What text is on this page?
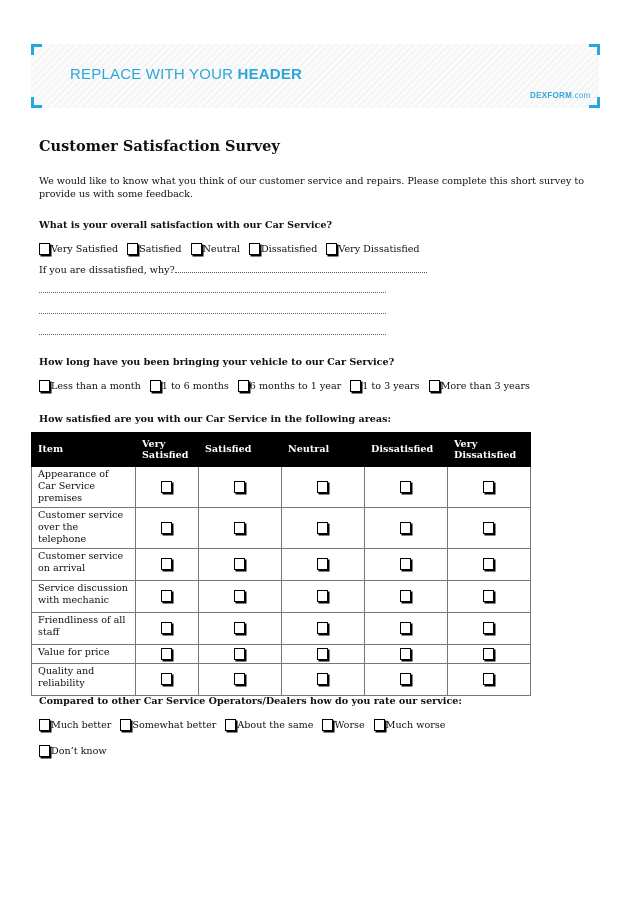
REPLACE WITH YOUR HEADER
DEXFORM.com
Customer Satisfaction Survey
We would like to know what you think of our customer service and repairs. Please complete this short survey to provide us with some feedback.
What is your overall satisfaction with our Car Service?
Very Satisfied Satisfied Neutral Dissatisfied Very Dissatisfied
If you are dissatisfied, why?
How long have you been bringing your vehicle to our Car Service?
Less than a month 1 to 6 months 6 months to 1 year 1 to 3 years More than 3 years
How satisfied are you with our Car Service in the following areas:
Item	Very Satisfied	Satisfied	Neutral	Dissatisfied	Very Dissatisfied
Appearance of Car Service premises					
Customer service over the telephone					
Customer service on arrival					
Service discussion with mechanic					
Friendliness of all staff					
Value for price					
Quality and reliability					
Compared to other Car Service Operators/Dealers how do you rate our service:
Much better Somewhat better About the same Worse Much worse
Don’t know
